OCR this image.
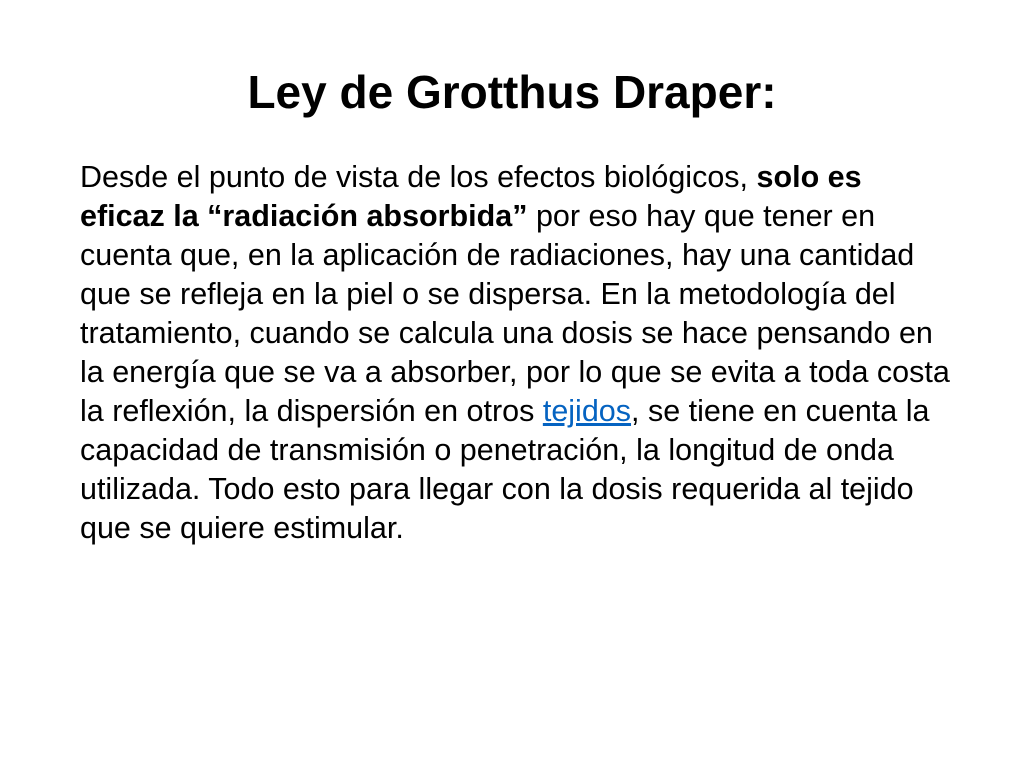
Ley de Grotthus Draper:

Desde el punto de vista de los efectos biológicos, solo es eficaz la “radiación absorbida” por eso hay que tener en cuenta que, en la aplicación de radiaciones, hay una cantidad que se refleja en la piel o se dispersa. En la metodología del tratamiento, cuando se calcula una dosis se hace pensando en la energía que se va a absorber, por lo que se evita a toda costa la reflexión, la dispersión en otros tejidos, se tiene en cuenta la capacidad de transmisión o penetración, la longitud de onda utilizada. Todo esto para llegar con la dosis requerida al tejido que se quiere estimular.
